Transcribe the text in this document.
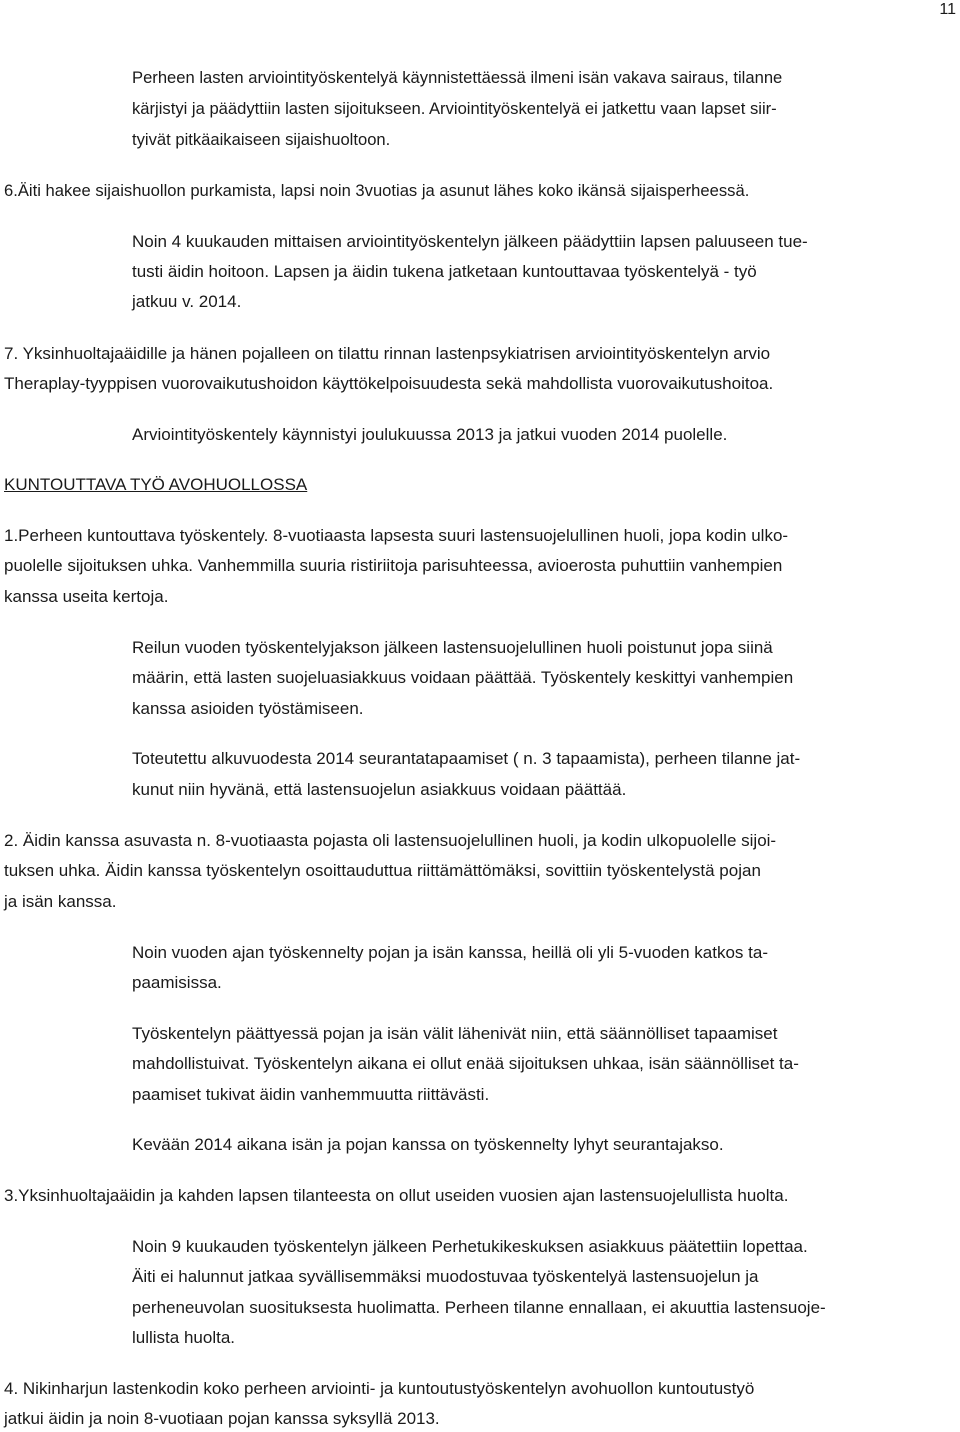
11
Perheen lasten arviointityöskentelyä käynnistettäessä ilmeni isän vakava sairaus, tilanne
kärjistyi ja päädyttiin lasten sijoitukseen. Arviointityöskentelyä ei jatkettu vaan lapset siir-
tyivät pitkäaikaiseen sijaishuoltoon.
6.Äiti hakee sijaishuollon purkamista, lapsi noin 3vuotias ja asunut lähes koko ikänsä sijaisperheessä.
Noin 4 kuukauden mittaisen arviointityöskentelyn jälkeen päädyttiin lapsen paluuseen tue-
tusti äidin hoitoon. Lapsen ja äidin tukena jatketaan kuntouttavaa työskentelyä - työ
jatkuu v. 2014.
7. Yksinhuoltajaäidille ja hänen pojalleen on tilattu rinnan lastenpsykiatrisen arviointityöskentelyn arvio
Theraplay-tyyppisen vuorovaikutushoidon käyttökelpoisuudesta sekä mahdollista vuorovaikutushoitoa.
Arviointityöskentely käynnistyi joulukuussa 2013 ja jatkui vuoden 2014 puolelle.
KUNTOUTTAVA TYÖ AVOHUOLLOSSA
1.Perheen kuntouttava työskentely. 8-vuotiaasta lapsesta suuri lastensuojelullinen huoli, jopa kodin ulko-
puolelle sijoituksen uhka. Vanhemmilla suuria ristiriitoja parisuhteessa, avioerosta puhuttiin vanhempien
kanssa useita kertoja.
Reilun vuoden työskentelyjakson jälkeen lastensuojelullinen huoli poistunut jopa siinä
määrin, että lasten suojeluasiakkuus voidaan päättää. Työskentely keskittyi vanhempien
kanssa asioiden työstämiseen.
Toteutettu alkuvuodesta 2014 seurantatapaamiset ( n. 3 tapaamista), perheen tilanne jat-
kunut niin hyvänä, että lastensuojelun asiakkuus voidaan päättää.
2. Äidin kanssa asuvasta n. 8-vuotiaasta pojasta oli lastensuojelullinen huoli, ja kodin ulkopuolelle sijoi-
tuksen uhka. Äidin kanssa työskentelyn osoittauduttua riittämättömäksi, sovittiin työskentelystä pojan
ja isän kanssa.
Noin vuoden ajan työskennelty pojan ja isän kanssa, heillä oli yli 5-vuoden katkos ta-
paamisissa.
Työskentelyn päättyessä pojan ja isän välit lähenivät niin, että säännölliset tapaamiset
mahdollistuivat. Työskentelyn aikana ei ollut enää sijoituksen uhkaa, isän säännölliset ta-
paamiset tukivat äidin vanhemmuutta riittävästi.
Kevään 2014 aikana isän ja pojan kanssa on työskennelty lyhyt seurantajakso.
3.Yksinhuoltajaäidin ja kahden lapsen tilanteesta on ollut useiden vuosien ajan lastensuojelullista huolta.
Noin 9 kuukauden työskentelyn jälkeen Perhetukikeskuksen asiakkuus päätettiin lopettaa.
Äiti ei halunnut jatkaa syvällisemmäksi muodostuvaa työskentelyä lastensuojelun ja
perheneuvolan suosituksesta huolimatta. Perheen tilanne ennallaan, ei akuuttia lastensuoje-
lullista huolta.
4. Nikinharjun lastenkodin koko perheen arviointi- ja kuntoutustyöskentelyn avohuollon kuntoutustyö
jatkui äidin ja noin 8-vuotiaan pojan kanssa syksyllä 2013.
